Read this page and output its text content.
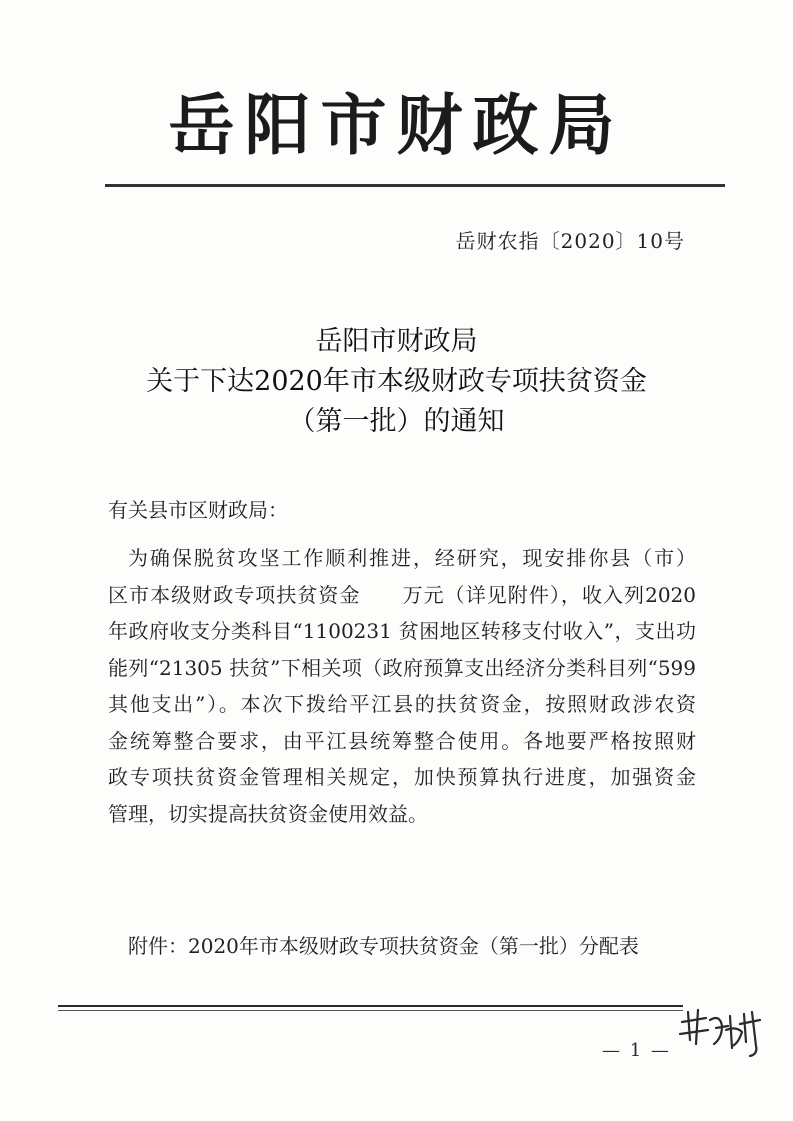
岳阳市财政局
岳财农指〔2020〕10号
岳阳市财政局
关于下达2020年市本级财政专项扶贫资金
（第一批）的通知
有关县市区财政局：
为确保脱贫攻坚工作顺利推进，经研究，现安排你县（市）
区市本级财政专项扶贫资金　　万元（详见附件），收入列2020
年政府收支分类科目“1100231 贫困地区转移支付收入”，支出功
能列“21305 扶贫”下相关项（政府预算支出经济分类科目列“599
其他支出”）。本次下拨给平江县的扶贫资金，按照财政涉农资
金统筹整合要求，由平江县统筹整合使用。各地要严格按照财
政专项扶贫资金管理相关规定，加快预算执行进度，加强资金
管理，切实提高扶贫资金使用效益。
附件：2020年市本级财政专项扶贫资金（第一批）分配表
— 1 —
